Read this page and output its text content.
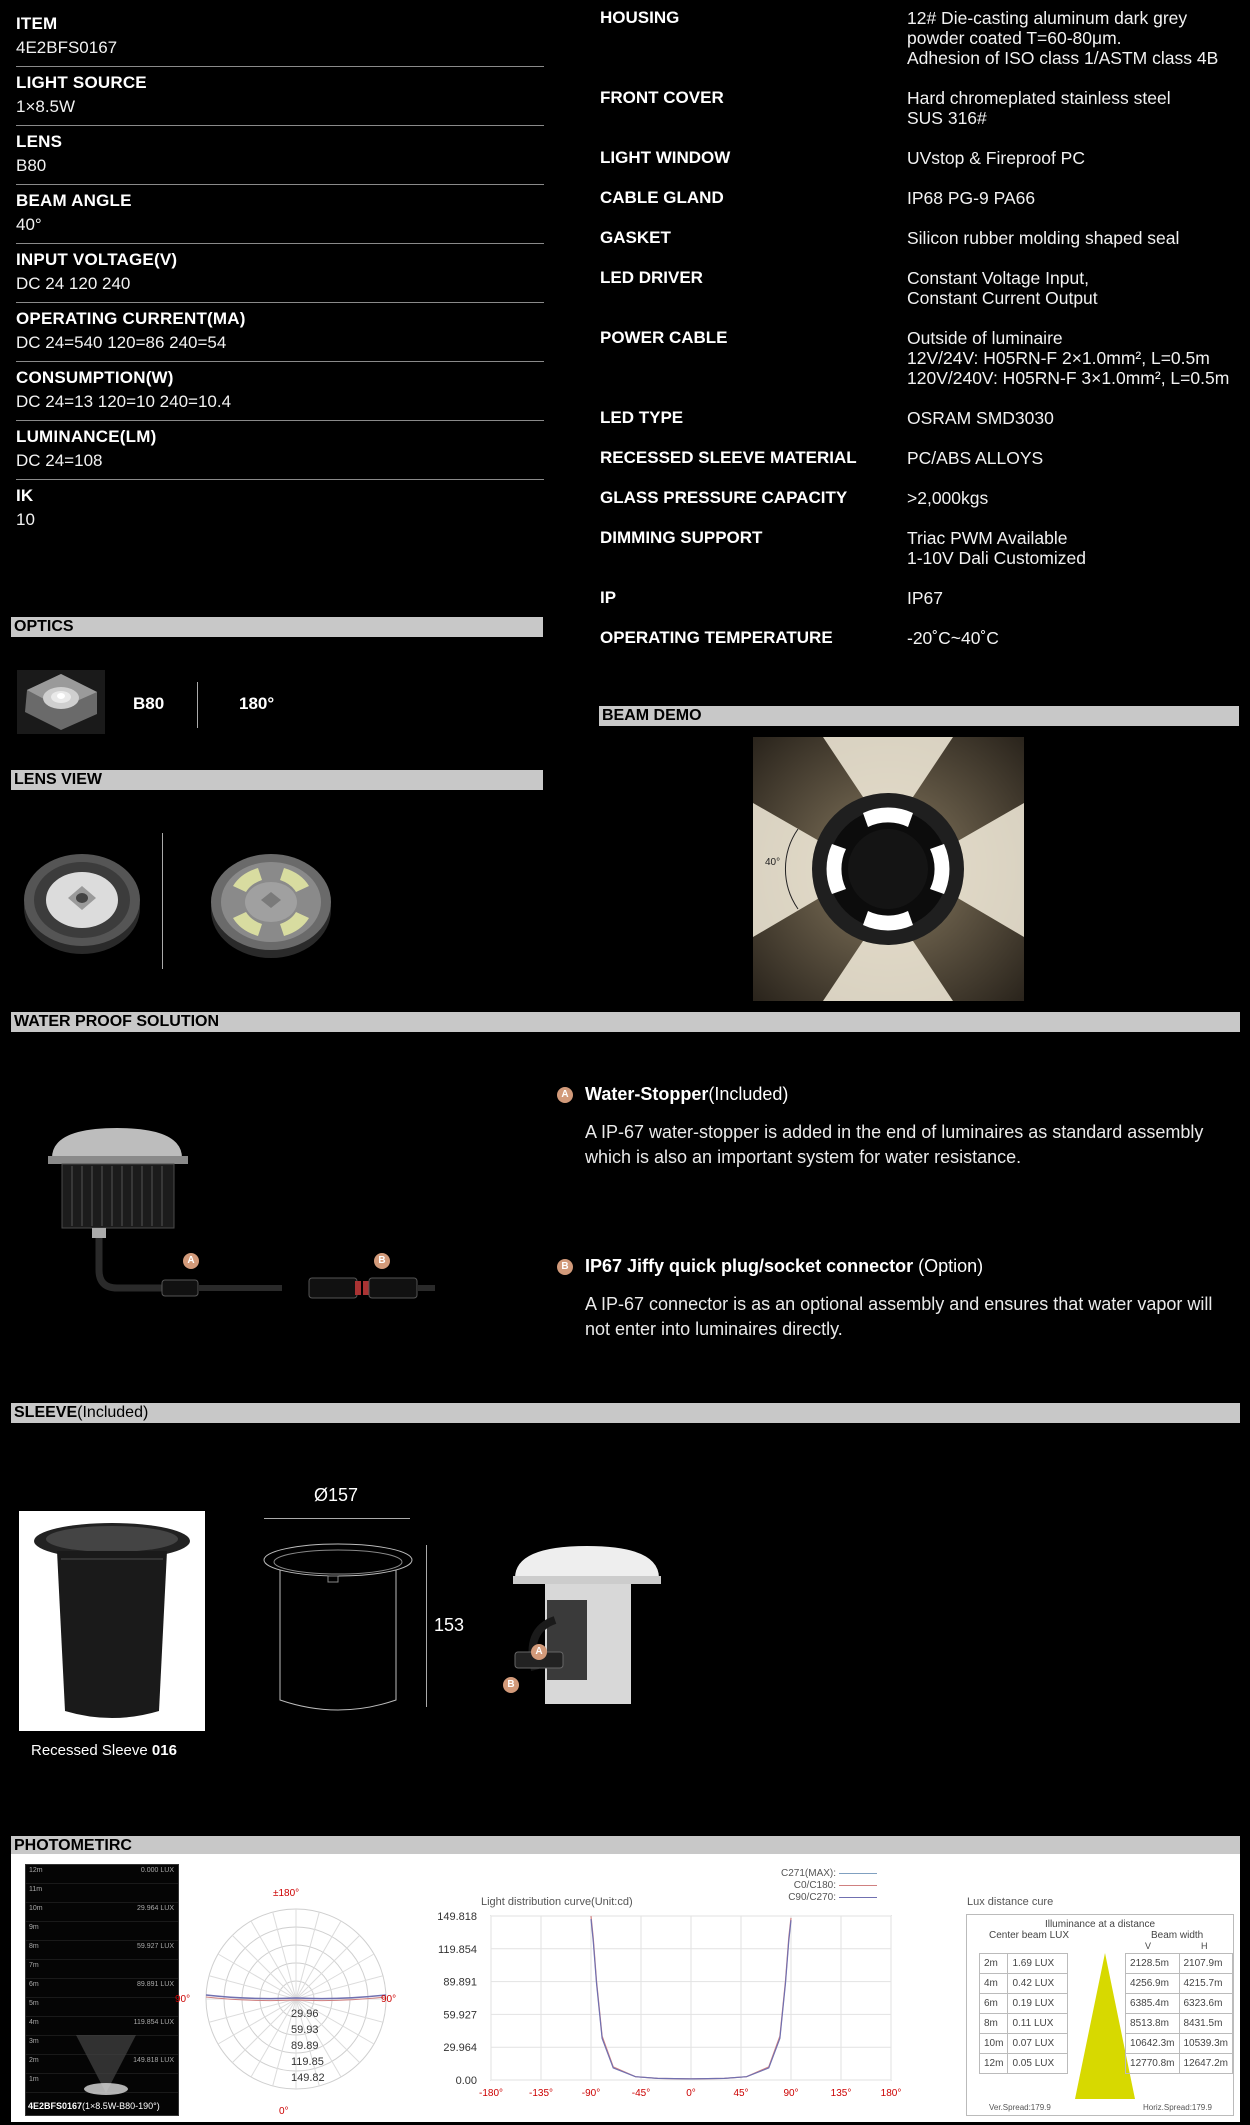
ITEM
4E2BFS0167
LIGHT SOURCE
1×8.5W
LENS
B80
BEAM ANGLE
40°
INPUT VOLTAGE(V)
DC 24 120 240
OPERATING CURRENT(MA)
DC 24=540 120=86 240=54
CONSUMPTION(W)
DC 24=13 120=10 240=10.4
LUMINANCE(LM)
DC 24=108
IK
10
HOUSING	12# Die-casting aluminum dark grey
powder coated T=60-80μm.
Adhesion of ISO class 1/ASTM class 4B
FRONT COVER	Hard chromeplated stainless steel
SUS 316#
LIGHT WINDOW	UVstop & Fireproof PC
CABLE GLAND	IP68 PG-9 PA66
GASKET	Silicon rubber molding shaped seal
LED DRIVER	Constant Voltage Input,
Constant Current Output
POWER CABLE	Outside of luminaire
12V/24V: H05RN-F 2×1.0mm², L=0.5m
120V/240V: H05RN-F 3×1.0mm², L=0.5m
LED TYPE	OSRAM SMD3030
RECESSED SLEEVE MATERIAL	PC/ABS ALLOYS
GLASS PRESSURE CAPACITY	>2,000kgs
DIMMING SUPPORT	Triac PWM Available
1-10V Dali Customized
IP	IP67
OPERATING TEMPERATURE	-20˚C~40˚C
OPTICS
B80	180°
LENS VIEW
BEAM DEMO
40°
WATER PROOF SOLUTION
A	B
A Water-Stopper(Included)
A IP-67 water-stopper is added in the end of luminaires as standard assembly which is also an important system for water resistance.
B IP67 Jiffy quick plug/socket connector (Option)
A IP-67 connector is as an optional assembly and ensures that water vapor will not enter into luminaires directly.
SLEEVE(Included)
Recessed Sleeve 016
Ø157
153
A
B
PHOTOMETIRC
12m	0.000 LUX
11m
10m	29.964 LUX
9m
8m	59.927 LUX
7m
6m	89.891 LUX
5m
4m	119.854 LUX
3m
2m	149.818 LUX
1m
4E2BFS0167(1×8.5W-B80-190°)
±180°
90°	90°
0°
29.96
59.93
89.89
119.85
149.82
Light distribution curve(Unit:cd)
C271(MAX):
C0/C180:
C90/C270:
-180°	-135°	-90°	-45°	0°	45°	90°	135°	180°
149.818
119.854
89.891
59.927
29.964
0.00
Lux distance cure
Illuminance at a distance
Center beam LUX	Beam width
V	H
2m	1.69 LUX		2128.5m	2107.9m
4m	0.42 LUX		4256.9m	4215.7m
6m	0.19 LUX		6385.4m	6323.6m
8m	0.11 LUX		8513.8m	8431.5m
10m	0.07 LUX		10642.3m	10539.3m
12m	0.05 LUX		12770.8m	12647.2m
Ver.Spread:179.9	Horiz.Spread:179.9
